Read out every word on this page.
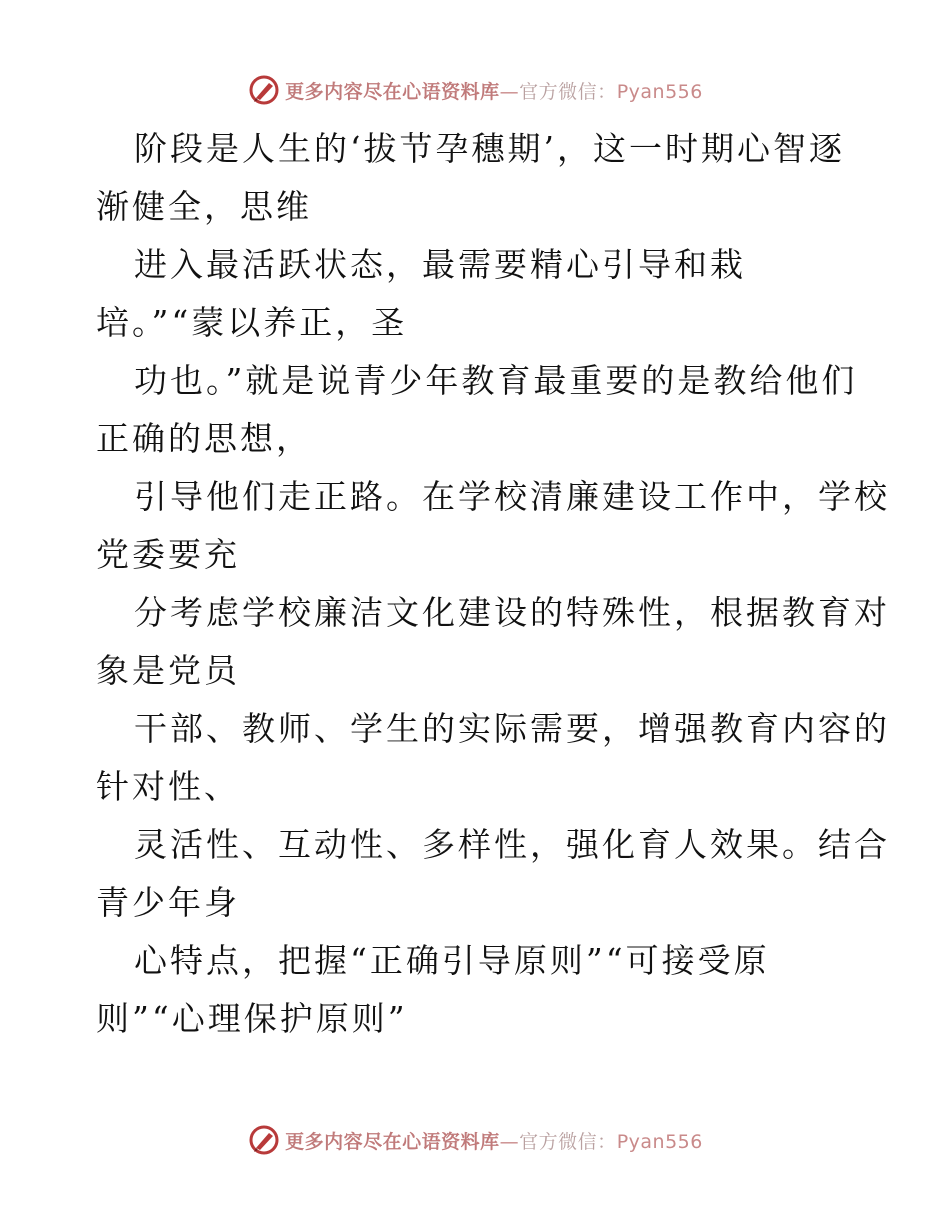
更多内容尽在心语资料库—官方微信：Pyan556
阶段是人生的‘拔节孕穗期’，这一时期心智逐
渐健全，思维
进入最活跃状态，最需要精心引导和栽
培。”“蒙以养正，圣
功也。”就是说青少年教育最重要的是教给他们
正确的思想，
引导他们走正路。在学校清廉建设工作中，学校
党委要充
分考虑学校廉洁文化建设的特殊性，根据教育对
象是党员
干部、教师、学生的实际需要，增强教育内容的
针对性、
灵活性、互动性、多样性，强化育人效果。结合
青少年身
心特点，把握“正确引导原则”“可接受原
则”“心理保护原则”
更多内容尽在心语资料库—官方微信：Pyan556
